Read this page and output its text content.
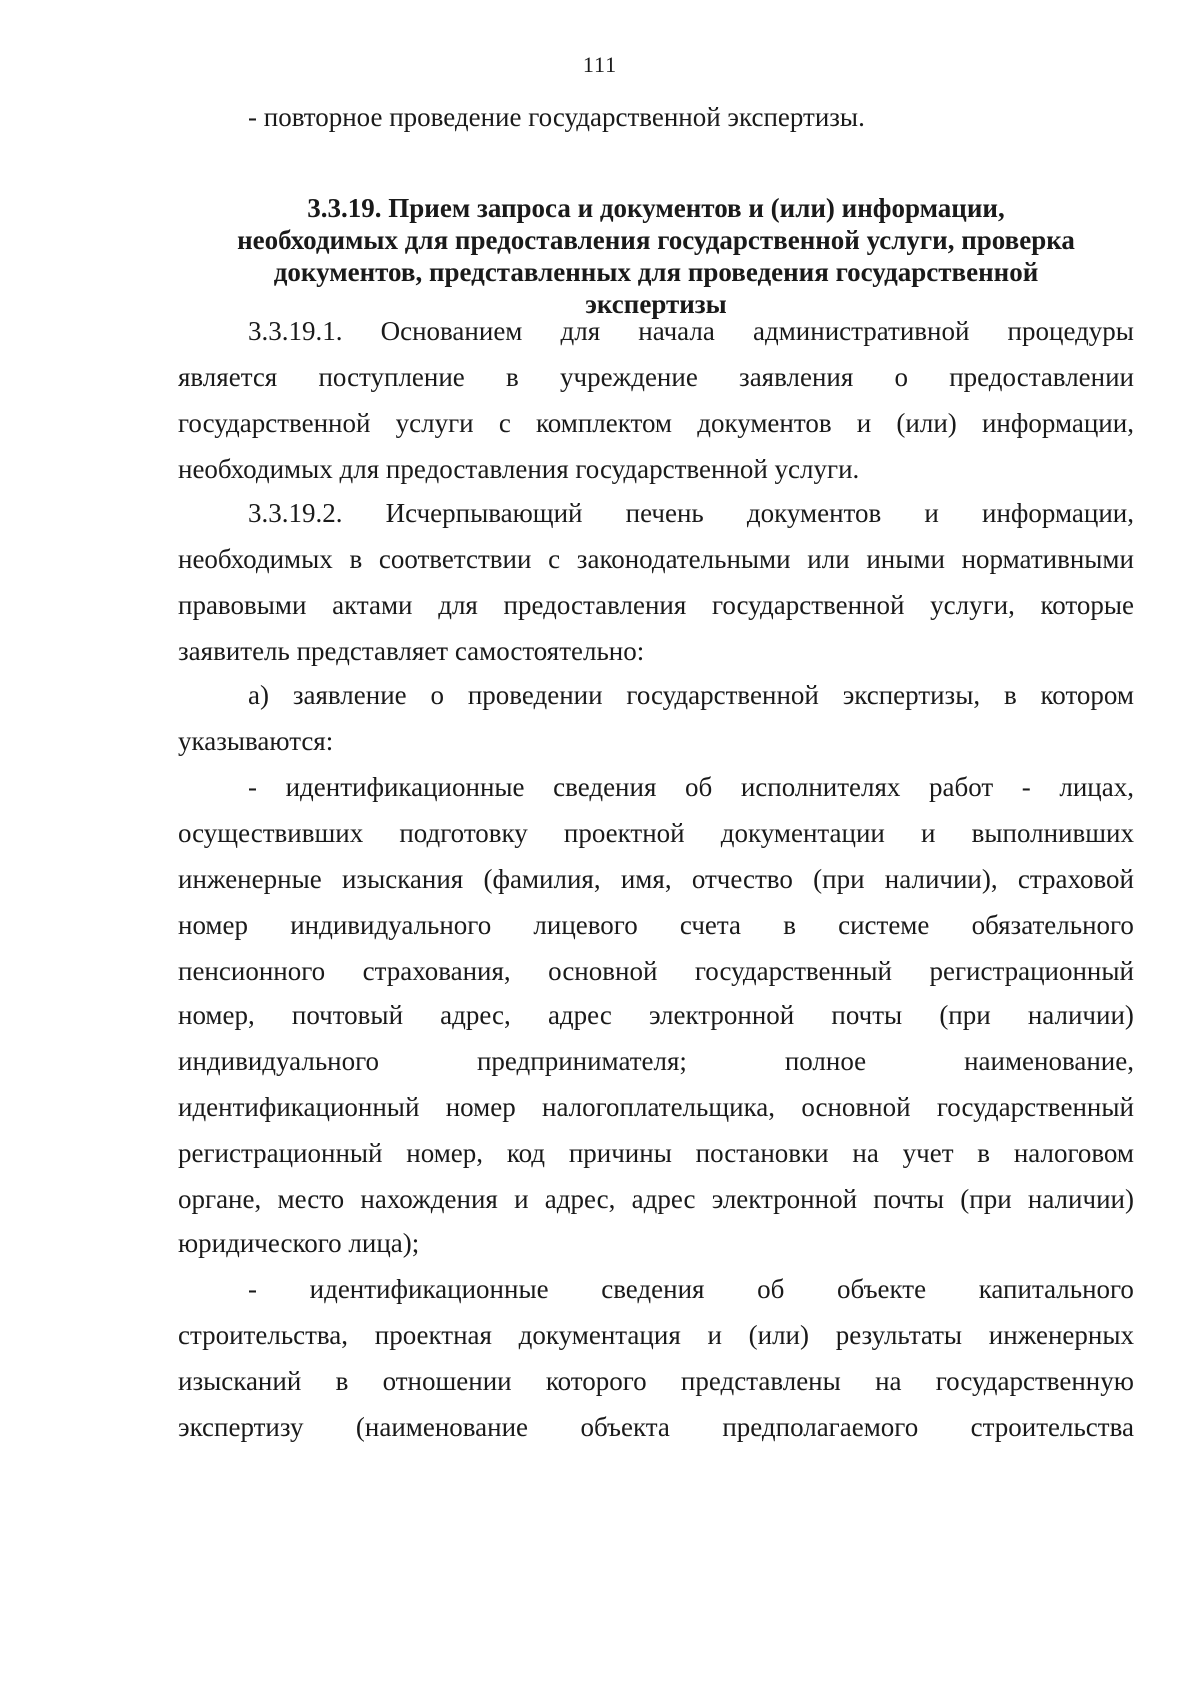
111
- повторное проведение государственной экспертизы.
3.3.19. Прием запроса и документов и (или) информации,
необходимых для предоставления государственной услуги, проверка
документов, представленных для проведения государственной
экспертизы
3.3.19.1. Основанием для начала административной процедуры
является поступление в учреждение заявления о предоставлении
государственной услуги с комплектом документов и (или) информации,
необходимых для предоставления государственной услуги.
3.3.19.2. Исчерпывающий печень документов и информации,
необходимых в соответствии с законодательными или иными нормативными
правовыми актами для предоставления государственной услуги, которые
заявитель представляет самостоятельно:
а) заявление о проведении государственной экспертизы, в котором
указываются:
- идентификационные сведения об исполнителях работ - лицах,
осуществивших подготовку проектной документации и выполнивших
инженерные изыскания (фамилия, имя, отчество (при наличии), страховой
номер индивидуального лицевого счета в системе обязательного
пенсионного страхования, основной государственный регистрационный
номер, почтовый адрес, адрес электронной почты (при наличии)
индивидуального	предпринимателя;	полное	наименование,
идентификационный номер налогоплательщика, основной государственный
регистрационный номер, код причины постановки на учет в налоговом
органе, место нахождения и адрес, адрес электронной почты (при наличии)
юридического лица);
- идентификационные сведения об объекте капитального
строительства, проектная документация и (или) результаты инженерных
изысканий в отношении которого представлены на государственную
экспертизу (наименование объекта предполагаемого строительства
